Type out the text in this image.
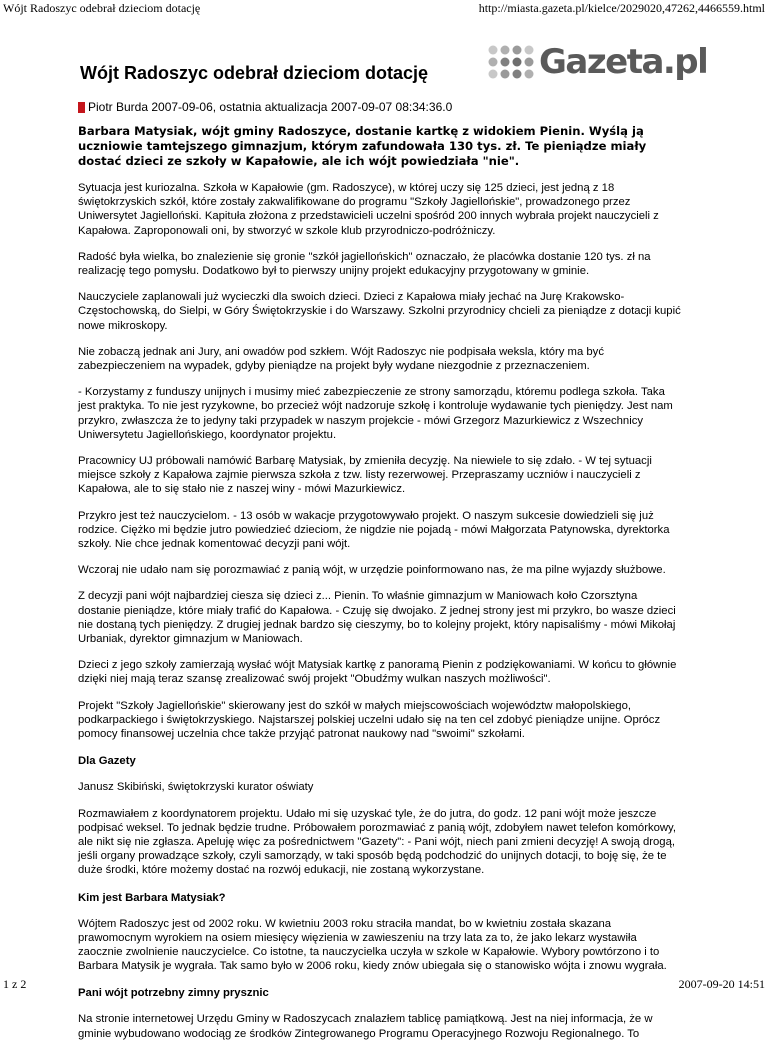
Wójt Radoszyc odebrał dzieciom dotację	http://miasta.gazeta.pl/kielce/2029020,47262,4466559.html
Wójt Radoszyc odebrał dzieciom dotację	Gazeta.pl
Piotr Burda 2007-09-06, ostatnia aktualizacja 2007-09-07 08:34:36.0

Barbara Matysiak, wójt gminy Radoszyce, dostanie kartkę z widokiem Pienin. Wyślą ją uczniowie tamtejszego gimnazjum, którym zafundowała 130 tys. zł. Te pieniądze miały dostać dzieci ze szkoły w Kapałowie, ale ich wójt powiedziała "nie".

Sytuacja jest kuriozalna. Szkoła w Kapałowie (gm. Radoszyce), w której uczy się 125 dzieci, jest jedną z 18 świętokrzyskich szkół, które zostały zakwalifikowane do programu "Szkoły Jagiellońskie", prowadzonego przez Uniwersytet Jagielloński. Kapituła złożona z przedstawicieli uczelni spośród 200 innych wybrała projekt nauczycieli z Kapałowa. Zaproponowali oni, by stworzyć w szkole klub przyrodniczo-podróżniczy.

Radość była wielka, bo znalezienie się gronie "szkół jagiellońskich" oznaczało, że placówka dostanie 120 tys. zł na realizację tego pomysłu. Dodatkowo był to pierwszy unijny projekt edukacyjny przygotowany w gminie.

Nauczyciele zaplanowali już wycieczki dla swoich dzieci. Dzieci z Kapałowa miały jechać na Jurę Krakowsko-Częstochowską, do Sielpi, w Góry Świętokrzyskie i do Warszawy. Szkolni przyrodnicy chcieli za pieniądze z dotacji kupić nowe mikroskopy.

Nie zobaczą jednak ani Jury, ani owadów pod szkłem. Wójt Radoszyc nie podpisała weksla, który ma być zabezpieczeniem na wypadek, gdyby pieniądze na projekt były wydane niezgodnie z przeznaczeniem.

- Korzystamy z funduszy unijnych i musimy mieć zabezpieczenie ze strony samorządu, któremu podlega szkoła. Taka jest praktyka. To nie jest ryzykowne, bo przecież wójt nadzoruje szkołę i kontroluje wydawanie tych pieniędzy. Jest nam przykro, zwłaszcza że to jedyny taki przypadek w naszym projekcie - mówi Grzegorz Mazurkiewicz z Wszechnicy Uniwersytetu Jagiellońskiego, koordynator projektu.

Pracownicy UJ próbowali namówić Barbarę Matysiak, by zmieniła decyzję. Na niewiele to się zdało. - W tej sytuacji miejsce szkoły z Kapałowa zajmie pierwsza szkoła z tzw. listy rezerwowej. Przepraszamy uczniów i nauczycieli z Kapałowa, ale to się stało nie z naszej winy - mówi Mazurkiewicz.

Przykro jest też nauczycielom. - 13 osób w wakacje przygotowywało projekt. O naszym sukcesie dowiedzieli się już rodzice. Ciężko mi będzie jutro powiedzieć dzieciom, że nigdzie nie pojadą - mówi Małgorzata Patynowska, dyrektorka szkoły. Nie chce jednak komentować decyzji pani wójt.

Wczoraj nie udało nam się porozmawiać z panią wójt, w urzędzie poinformowano nas, że ma pilne wyjazdy służbowe.

Z decyzji pani wójt najbardziej ciesza się dzieci z... Pienin. To właśnie gimnazjum w Maniowach koło Czorsztyna dostanie pieniądze, które miały trafić do Kapałowa. - Czuję się dwojako. Z jednej strony jest mi przykro, bo wasze dzieci nie dostaną tych pieniędzy. Z drugiej jednak bardzo się cieszymy, bo to kolejny projekt, który napisaliśmy - mówi Mikołaj Urbaniak, dyrektor gimnazjum w Maniowach.

Dzieci z jego szkoły zamierzają wysłać wójt Matysiak kartkę z panoramą Pienin z podziękowaniami. W końcu to głównie dzięki niej mają teraz szansę zrealizować swój projekt "Obudźmy wulkan naszych możliwości".

Projekt "Szkoły Jagiellońskie" skierowany jest do szkół w małych miejscowościach województw małopolskiego, podkarpackiego i świętokrzyskiego. Najstarszej polskiej uczelni udało się na ten cel zdobyć pieniądze unijne. Oprócz pomocy finansowej uczelnia chce także przyjąć patronat naukowy nad "swoimi" szkołami.

Dla Gazety

Janusz Skibiński, świętokrzyski kurator oświaty

Rozmawiałem z koordynatorem projektu. Udało mi się uzyskać tyle, że do jutra, do godz. 12 pani wójt może jeszcze podpisać weksel. To jednak będzie trudne. Próbowałem porozmawiać z panią wójt, zdobyłem nawet telefon komórkowy, ale nikt się nie zgłasza. Apeluję więc za pośrednictwem "Gazety": - Pani wójt, niech pani zmieni decyzję! A swoją drogą, jeśli organy prowadzące szkoły, czyli samorządy, w taki sposób będą podchodzić do unijnych dotacji, to boję się, że te duże środki, które możemy dostać na rozwój edukacji, nie zostaną wykorzystane.

Kim jest Barbara Matysiak?

Wójtem Radoszyc jest od 2002 roku. W kwietniu 2003 roku straciła mandat, bo w kwietniu została skazana prawomocnym wyrokiem na osiem miesięcy więzienia w zawieszeniu na trzy lata za to, że jako lekarz wystawiła zaocznie zwolnienie nauczycielce. Co istotne, ta nauczycielka uczyła w szkole w Kapałowie. Wybory powtórzono i to Barbara Matysik je wygrała. Tak samo było w 2006 roku, kiedy znów ubiegała się o stanowisko wójta i znowu wygrała.

Pani wójt potrzebny zimny prysznic

Na stronie internetowej Urzędu Gminy w Radoszycach znalazłem tablicę pamiątkową. Jest na niej informacja, że w gminie wybudowano wodociąg ze środków Zintegrowanego Programu Operacyjnego Rozwoju Regionalnego. To

1 z 2	2007-09-20 14:51
